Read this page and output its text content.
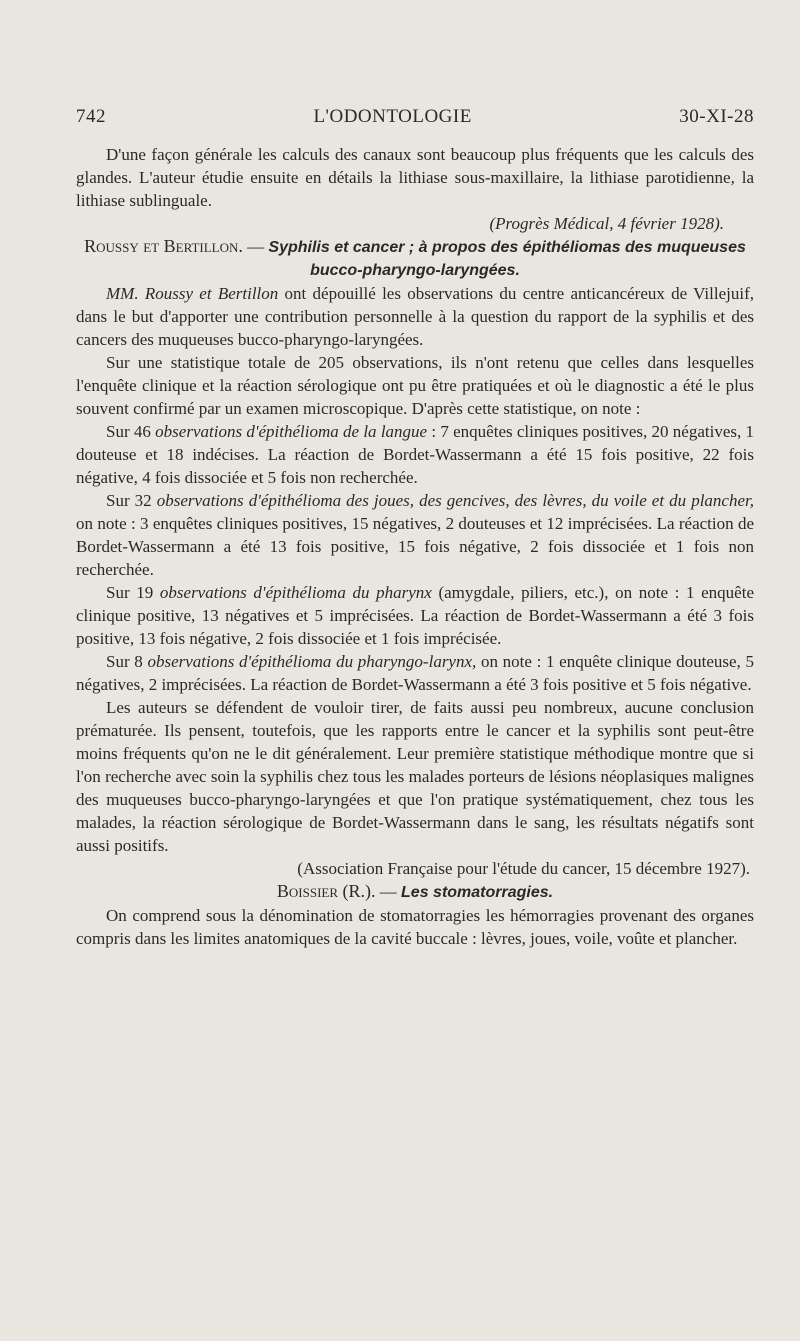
742	L'ODONTOLOGIE	30-XI-28

D'une façon générale les calculs des canaux sont beaucoup plus fréquents que les calculs des glandes. L'auteur étudie ensuite en détails la lithiase sous-maxillaire, la lithiase parotidienne, la lithiase sublinguale.

(Progrès Médical, 4 février 1928).

Roussy et Bertillon. — Syphilis et cancer ; à propos des épithéliomas des muqueuses bucco-pharyngo-laryngées.

MM. Roussy et Bertillon ont dépouillé les observations du centre anticancéreux de Villejuif, dans le but d'apporter une contribution personnelle à la question du rapport de la syphilis et des cancers des muqueuses bucco-pharyngo-laryngées.

Sur une statistique totale de 205 observations, ils n'ont retenu que celles dans lesquelles l'enquête clinique et la réaction sérologique ont pu être pratiquées et où le diagnostic a été le plus souvent confirmé par un examen microscopique. D'après cette statistique, on note :

Sur 46 observations d'épithélioma de la langue : 7 enquêtes cliniques positives, 20 négatives, 1 douteuse et 18 indécises. La réaction de Bordet-Wassermann a été 15 fois positive, 22 fois négative, 4 fois dissociée et 5 fois non recherchée.

Sur 32 observations d'épithélioma des joues, des gencives, des lèvres, du voile et du plancher, on note : 3 enquêtes cliniques positives, 15 négatives, 2 douteuses et 12 imprécisées. La réaction de Bordet-Wassermann a été 13 fois positive, 15 fois négative, 2 fois dissociée et 1 fois non recherchée.

Sur 19 observations d'épithélioma du pharynx (amygdale, piliers, etc.), on note : 1 enquête clinique positive, 13 négatives et 5 imprécisées. La réaction de Bordet-Wassermann a été 3 fois positive, 13 fois négative, 2 fois dissociée et 1 fois imprécisée.

Sur 8 observations d'épithélioma du pharyngo-larynx, on note : 1 enquête clinique douteuse, 5 négatives, 2 imprécisées. La réaction de Bordet-Wassermann a été 3 fois positive et 5 fois négative.

Les auteurs se défendent de vouloir tirer, de faits aussi peu nombreux, aucune conclusion prématurée. Ils pensent, toutefois, que les rapports entre le cancer et la syphilis sont peut-être moins fréquents qu'on ne le dit généralement. Leur première statistique méthodique montre que si l'on recherche avec soin la syphilis chez tous les malades porteurs de lésions néoplasiques malignes des muqueuses bucco-pharyngo-laryngées et que l'on pratique systématiquement, chez tous les malades, la réaction sérologique de Bordet-Wassermann dans le sang, les résultats négatifs sont aussi positifs.

(Association Française pour l'étude du cancer, 15 décembre 1927).

Boissier (R.). — Les stomatorragies.

On comprend sous la dénomination de stomatorragies les hémorragies provenant des organes compris dans les limites anatomiques de la cavité buccale : lèvres, joues, voile, voûte et plancher.
